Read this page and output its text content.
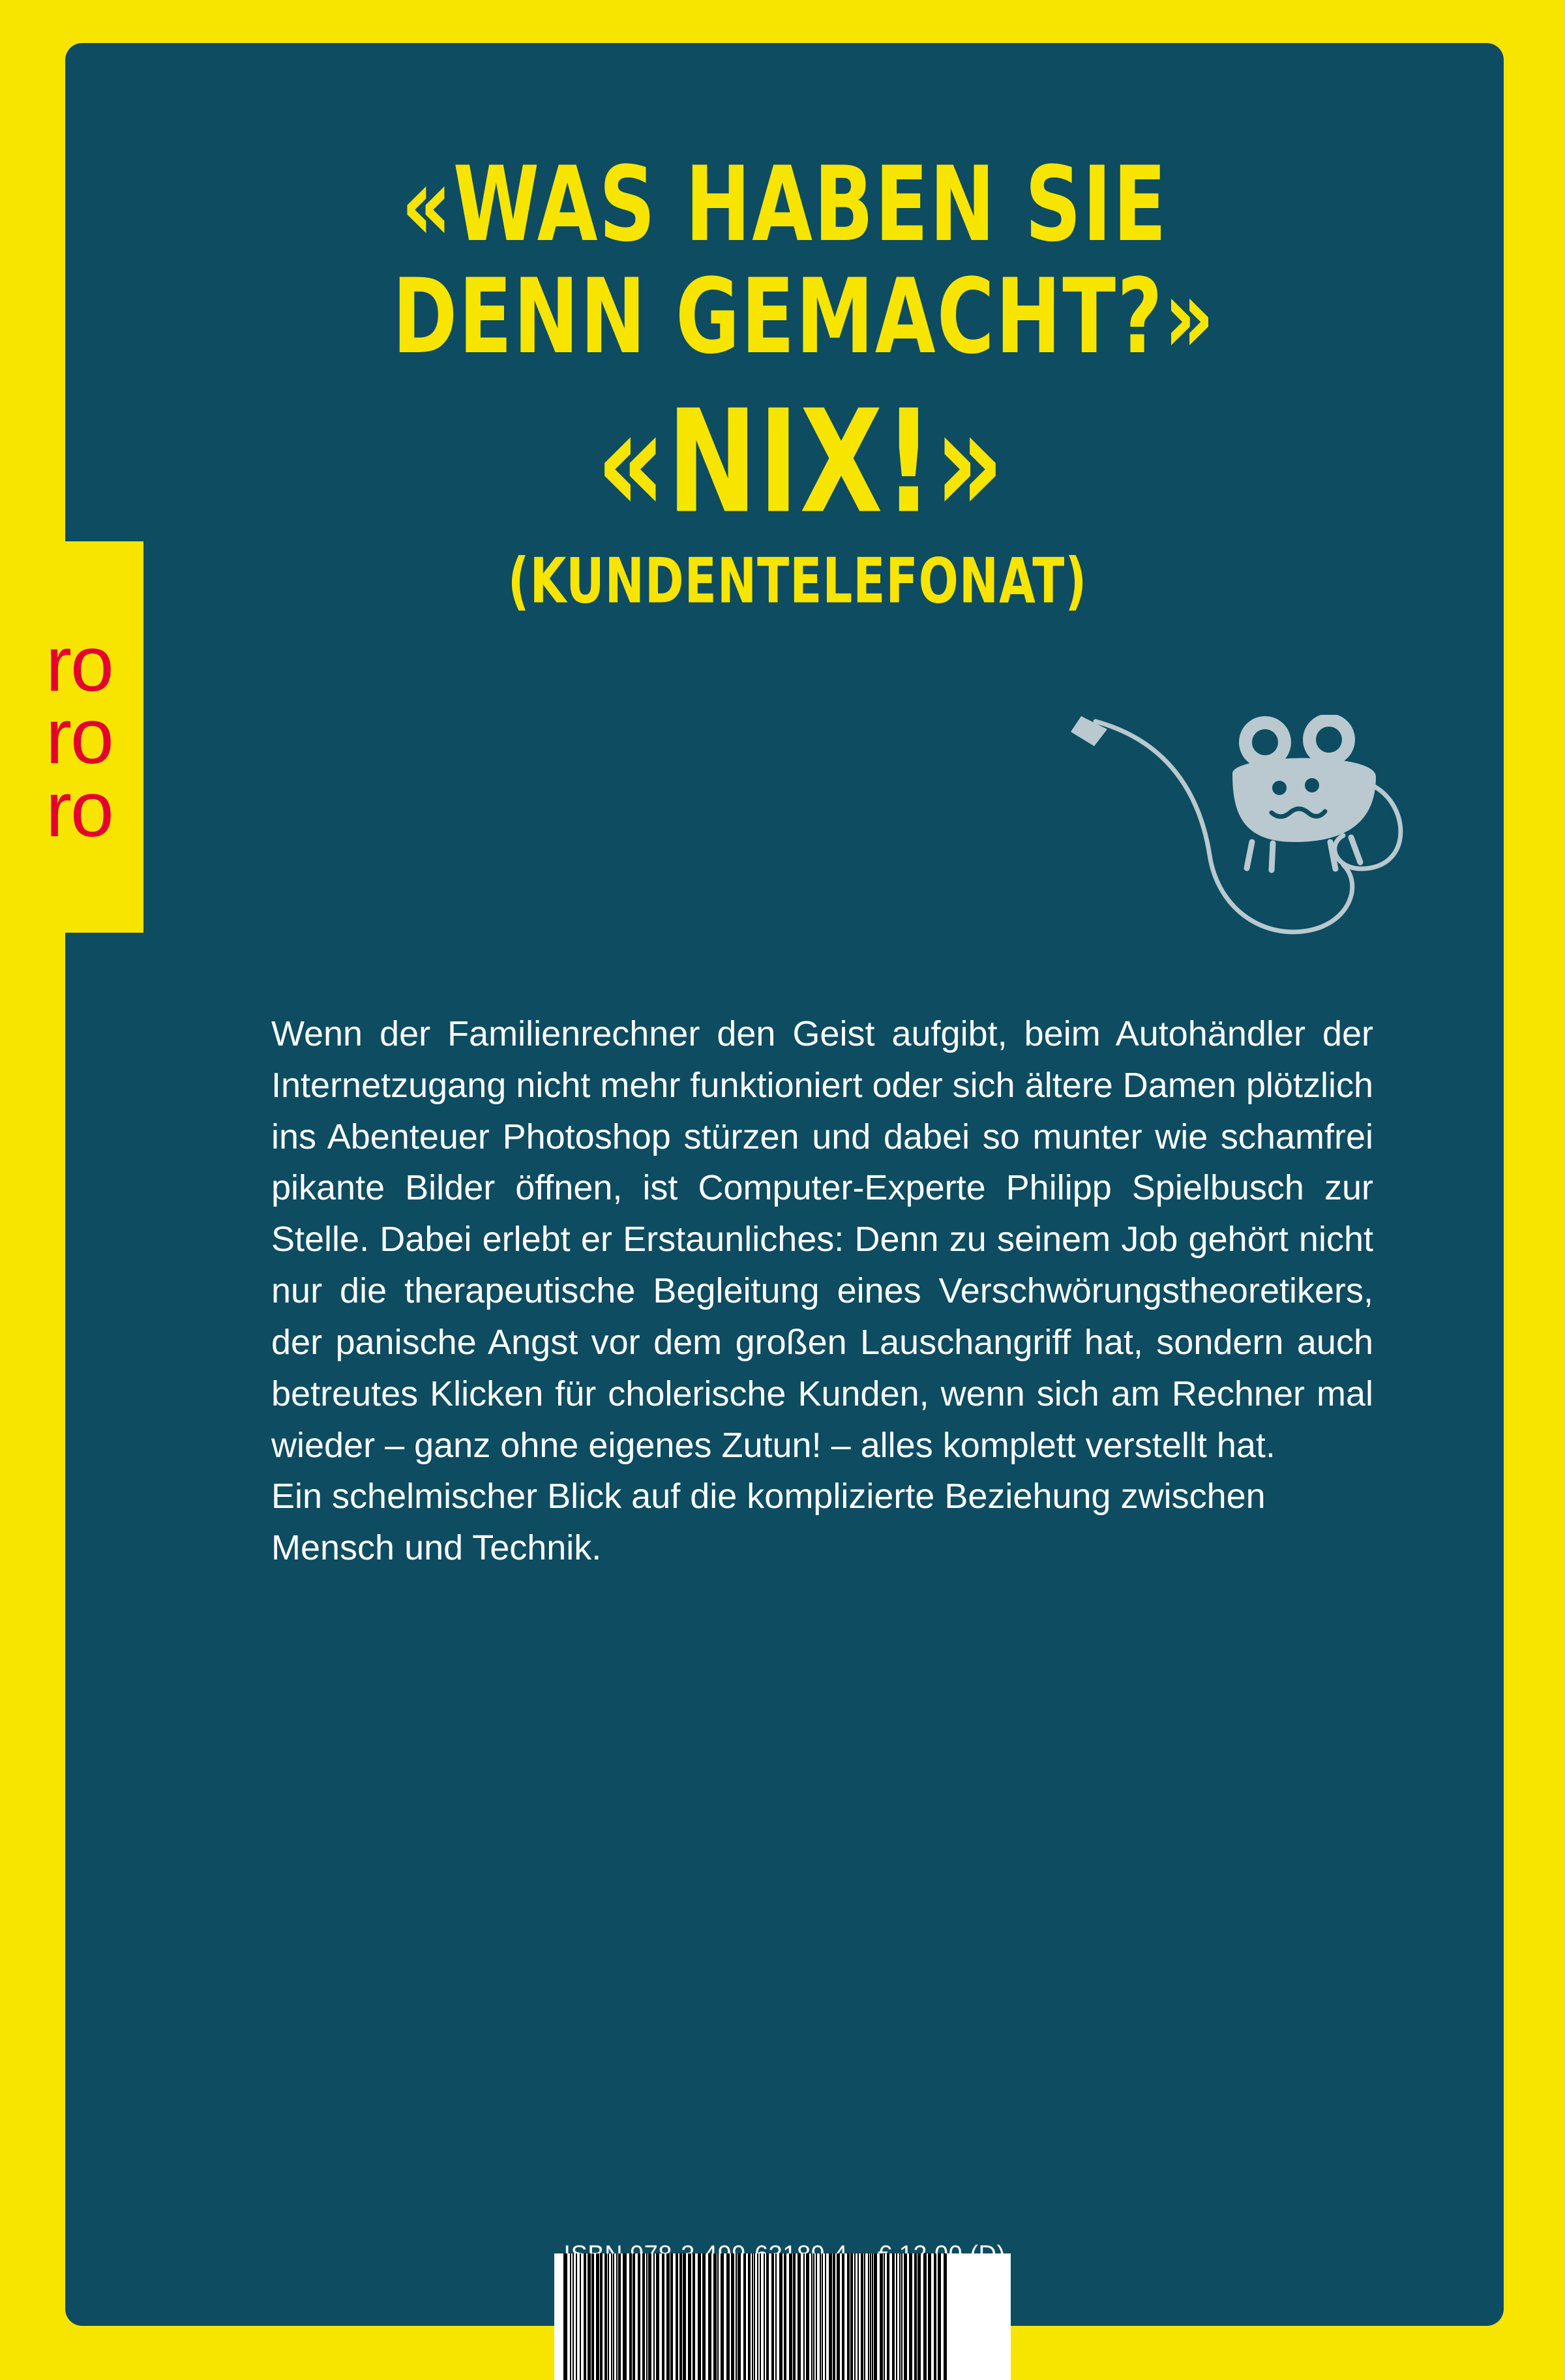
ro
ro
ro
«WAS HABEN SIE
DENN GEMACHT?»
«NIX!»
(KUNDENTELEFONAT)

Wenn der Familienrechner den Geist aufgibt, beim Autohändler der Internetzugang nicht mehr funktioniert oder sich ältere Damen plötzlich ins Abenteuer Photoshop stürzen und dabei so munter wie schamfrei pikante Bilder öffnen, ist Computer-Experte Philipp Spielbusch zur Stelle. Dabei erlebt er Erstaunliches: Denn zu seinem Job gehört nicht nur die therapeutische Begleitung eines Verschwörungstheoretikers, der panische Angst vor dem großen Lauschangriff hat, sondern auch betreutes Klicken für cholerische Kunden, wenn sich am Rechner mal wieder – ganz ohne eigenes Zutun! – alles komplett verstellt hat.

Ein schelmischer Blick auf die komplizierte Beziehung zwischen Mensch und Technik.
